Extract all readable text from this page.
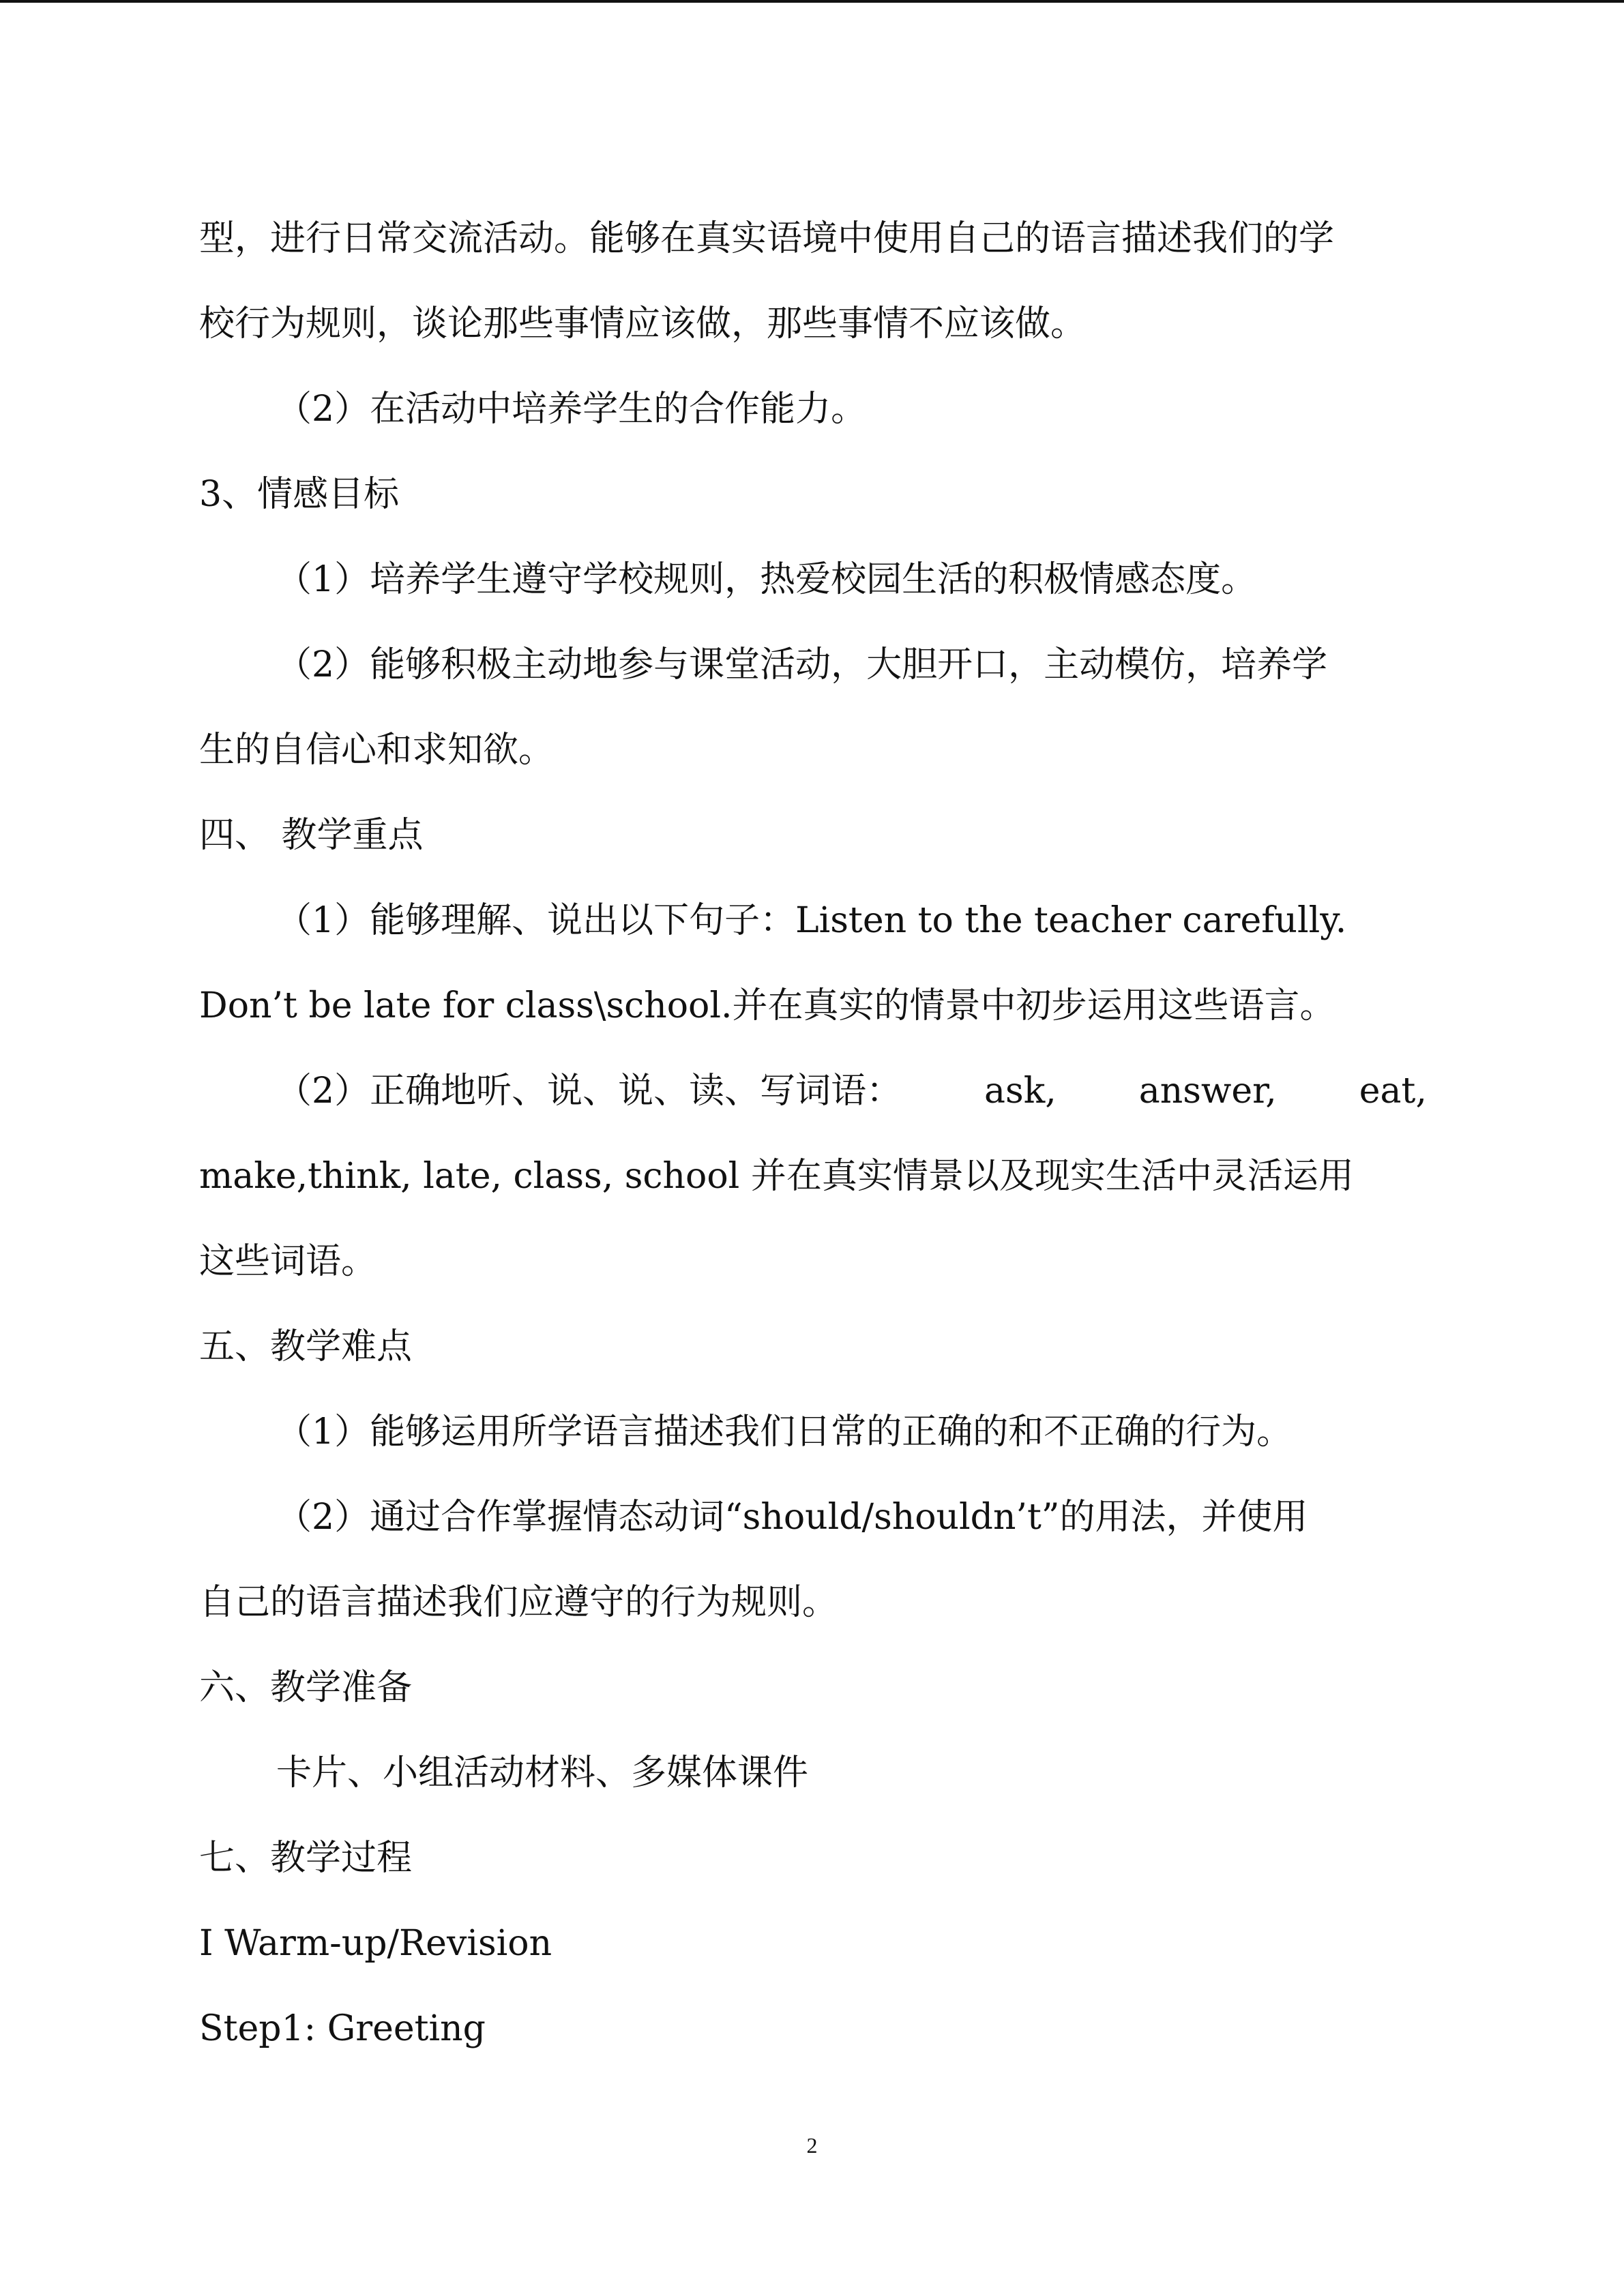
型，进行日常交流活动。能够在真实语境中使用自己的语言描述我们的学
校行为规则，谈论那些事情应该做，那些事情不应该做。
（2）在活动中培养学生的合作能力。
3、情感目标
（1）培养学生遵守学校规则，热爱校园生活的积极情感态度。
（2）能够积极主动地参与课堂活动，大胆开口，主动模仿，培养学
生的自信心和求知欲。
四、 教学重点
（1）能够理解、说出以下句子：Listen to the teacher carefully.
Don’t be late for class\school.并在真实的情景中初步运用这些语言。
（2）正确地听、说、说、读、写词语： ask, answer, eat,
make,think, late, class, school 并在真实情景以及现实生活中灵活运用
这些词语。
五、教学难点
（1）能够运用所学语言描述我们日常的正确的和不正确的行为。
（2）通过合作掌握情态动词“should/shouldn’t”的用法，并使用
自己的语言描述我们应遵守的行为规则。
六、教学准备
卡片、小组活动材料、多媒体课件
七、教学过程
I Warm-up/Revision
Step1: Greeting
2
